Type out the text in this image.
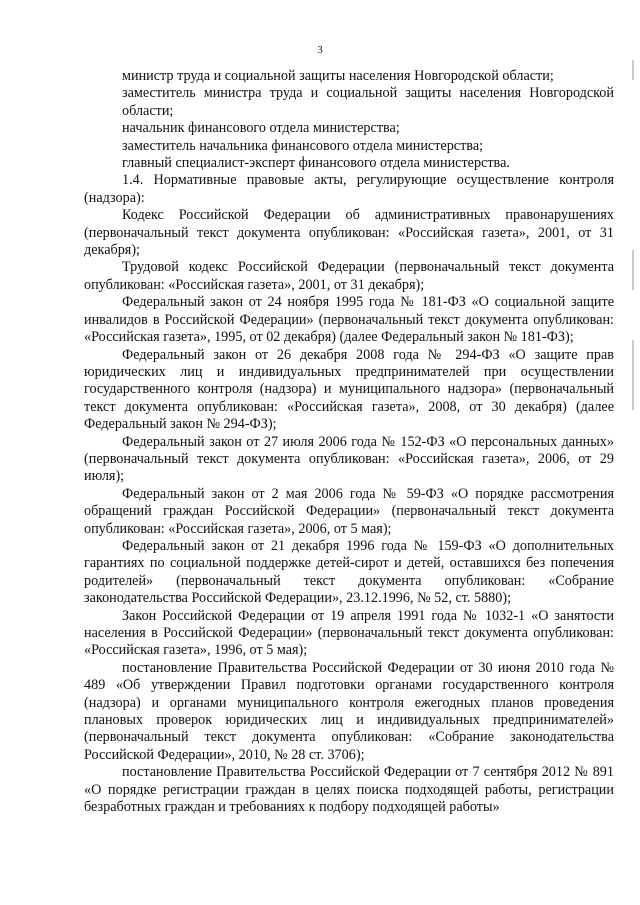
3

министр труда и социальной защиты населения Новгородской области;

заместитель министра труда и социальной защиты населения Новгородской области;

начальник финансового отдела министерства;

заместитель начальника финансового отдела министерства;

главный специалист-эксперт финансового отдела министерства.

1.4. Нормативные правовые акты, регулирующие осуществление контроля (надзора):

Кодекс Российской Федерации об административных правонарушениях (первоначальный текст документа опубликован: «Российская газета», 2001, от 31 декабря);

Трудовой кодекс Российской Федерации (первоначальный текст документа опубликован: «Российская газета», 2001, от 31 декабря);

Федеральный закон от 24 ноября 1995 года № 181-ФЗ «О социальной защите инвалидов в Российской Федерации» (первоначальный текст документа опубликован: «Российская газета», 1995, от 02 декабря) (далее Федеральный закон № 181-ФЗ);

Федеральный закон от 26 декабря 2008 года № 294-ФЗ «О защите прав юридических лиц и индивидуальных предпринимателей при осуществлении государственного контроля (надзора) и муниципального надзора» (первоначальный текст документа опубликован: «Российская газета», 2008, от 30 декабря) (далее Федеральный закон № 294-ФЗ);

Федеральный закон от 27 июля 2006 года № 152-ФЗ «О персональных данных» (первоначальный текст документа опубликован: «Российская газета», 2006, от 29 июля);

Федеральный закон от 2 мая 2006 года № 59-ФЗ «О порядке рассмотрения обращений граждан Российской Федерации» (первоначальный текст документа опубликован: «Российская газета», 2006, от 5 мая);

Федеральный закон от 21 декабря 1996 года № 159-ФЗ «О дополнительных гарантиях по социальной поддержке детей-сирот и детей, оставшихся без попечения родителей» (первоначальный текст документа опубликован: «Собрание законодательства Российской Федерации», 23.12.1996, № 52, ст. 5880);

Закон Российской Федерации от 19 апреля 1991 года № 1032-1 «О занятости населения в Российской Федерации» (первоначальный текст документа опубликован: «Российская газета», 1996, от 5 мая);

постановление Правительства Российской Федерации от 30 июня 2010 года № 489 «Об утверждении Правил подготовки органами государственного контроля (надзора) и органами муниципального контроля ежегодных планов проведения плановых проверок юридических лиц и индивидуальных предпринимателей» (первоначальный текст документа опубликован: «Собрание законодательства Российской Федерации», 2010, № 28 ст. 3706);

постановление Правительства Российской Федерации от 7 сентября 2012 № 891 «О порядке регистрации граждан в целях поиска подходящей работы, регистрации безработных граждан и требованиях к подбору подходящей работы»
